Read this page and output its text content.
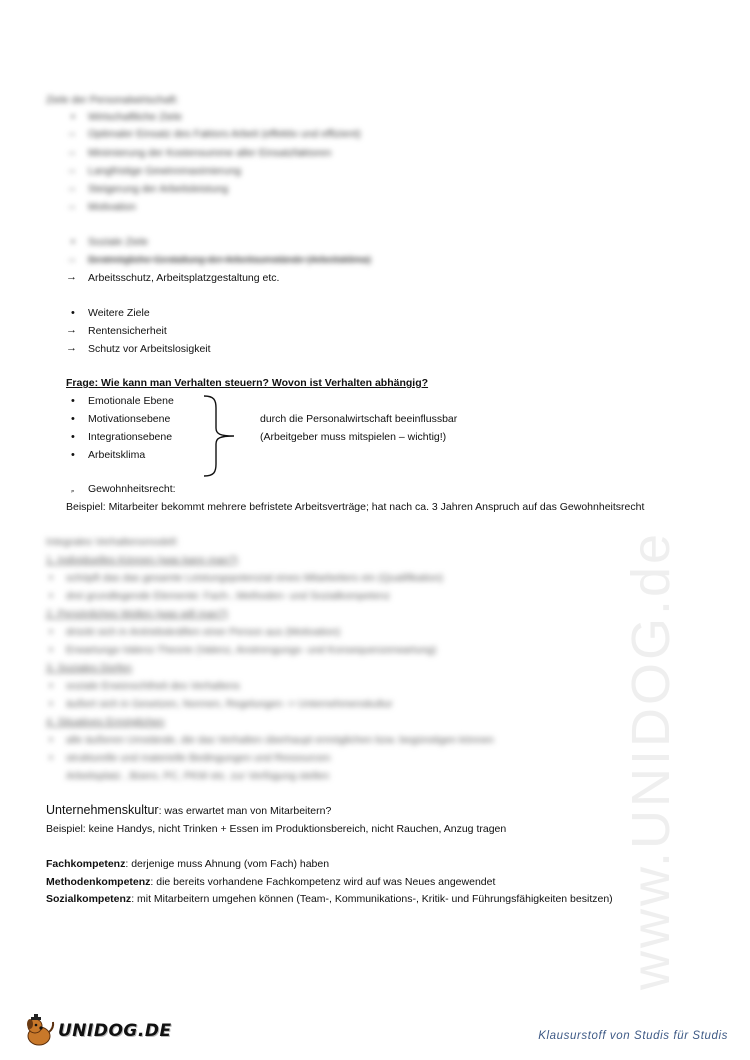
www.UNIDOG.de
Ziele der Personalwirtschaft:
• Wirtschaftliche Ziele
→ Optimaler Einsatz des Faktors Arbeit (effektiv und effizient)
→ Minimierung der Kostensumme aller Einsatzfaktoren
→ Langfristige Gewinnmaximierung
→ Steigerung der Arbeitsleistung
→ Motivation
• Soziale Ziele
→ Bestmögliche Gestaltung der Arbeitsumstände (Arbeitsklima)
→ Arbeitsschutz, Arbeitsplatzgestaltung etc.
• Weitere Ziele
→ Rentensicherheit
→ Schutz vor Arbeitslosigkeit
Frage: Wie kann man Verhalten steuern? Wovon ist Verhalten abhängig?
• Emotionale Ebene
• Motivationsebene
• Integrationsebene
• Arbeitsklima
durch die Personalwirtschaft beeinflussbar
(Arbeitgeber muss mitspielen – wichtig!)
Gewohnheitsrecht:
Beispiel: Mitarbeiter bekommt mehrere befristete Arbeitsverträge; hat nach ca. 3 Jahren Anspruch auf das Gewohnheitsrecht
Integrales Verhaltensmodell:
1. Individuelles Können (was kann man?)
• schöpft das das gesamte Leistungspotenzial eines Mitarbeiters ein (Qualifikation)
• drei grundlegende Elemente: Fach-, Methoden- und Sozialkompetenz
2. Persönliches Wollen (was will man?)
• drückt sich in Antriebskräften einer Person aus (Motivation)
• Erwartungs-Valenz-Theorie (Valenz, Anstrengungs- und Konsequenzerwartung)
3. Soziales Dürfen
• soziale Erwünschtheit des Verhaltens
• äußert sich in Gesetzen, Normen, Regelungen -> Unternehmenskultur
4. Situatives Ermöglichen
• alle äußeren Umstände, die das Verhalten überhaupt ermöglichen bzw. begünstigen können
• strukturelle und materielle Bedingungen und Ressourcen
Arbeitsplatz , Büero, PC, PKW etc. zur Verfügung stellen
Unternehmenskultur: was erwartet man von Mitarbeitern?
Beispiel: keine Handys, nicht Trinken + Essen im Produktionsbereich, nicht Rauchen, Anzug tragen
Fachkompetenz: derjenige muss Ahnung (vom Fach) haben
Methodenkompetenz: die bereits vorhandene Fachkompetenz wird auf was Neues angewendet
Sozialkompetenz: mit Mitarbeitern umgehen können (Team-, Kommunikations-, Kritik- und Führungsfähigkeiten besitzen)
UNIDOG.DE	Klausurstoff von Studis für Studis
